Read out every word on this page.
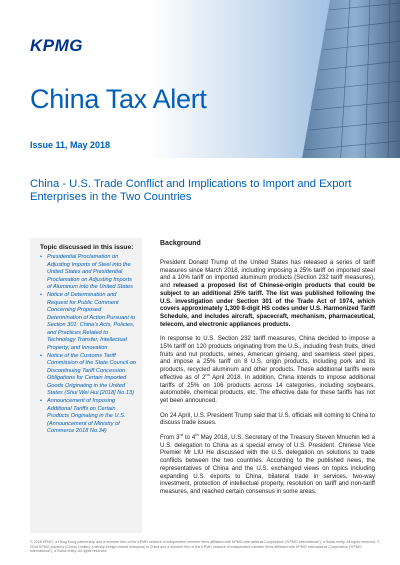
KPMG
China Tax Alert
Issue 11, May 2018
China - U.S. Trade Conflict and Implications to Import and Export Enterprises in the Two Countries
Topic discussed in this issue:
• Presidential Proclamation on Adjusting Imports of Steel into the United States and Presidential Proclamation on Adjusting Imports of Aluminum into the United States
• Notice of Determination and Request for Public Comment Concerning Proposed Determination of Action Pursuant to Section 301: China’s Acts, Policies, and Practices Related to Technology Transfer, Intellectual Property, and Innovation
• Notice of the Customs Tariff Commission of the State Council on Discontinuing Tariff Concession Obligations for Certain Imported Goods Originating in the United States (Shui Wei Hui [2018] No.13)
• Announcement of Imposing Additional Tariffs on Certain Products Originating in the U.S. (Announcement of Ministry of Commerce 2018 No.34)
Background

President Donald Trump of the United States has released a series of tariff measures since March 2018, including imposing a 25% tariff on imported steel and a 10% tariff on imported aluminum products (Section 232 tariff measures), and released a proposed list of Chinese-origin products that could be subject to an additional 25% tariff. The list was published following the U.S. investigation under Section 301 of the Trade Act of 1974, which covers approximately 1,300 8-digit HS codes under U.S. Harmonized Tariff Schedule, and includes aircraft, spacecraft, mechanism, pharmaceutical, telecom, and electronic appliances products.

In response to U.S. Section 232 tariff measures, China decided to impose a 15% tariff on 120 products originating from the U.S., including fresh fruits, dried fruits and nut products, wines, American ginseng, and seamless steel pipes, and impose a 25% tariff on 8 U.S. origin products, including pork and its products, recycled aluminum and other products. These additional tariffs were effective as of 2nd April 2018. In addition, China intends to impose additional tariffs of 25% on 106 products across 14 categories, including soybeans, automobile, chemical products, etc. The effective date for these tariffs has not yet been announced.

On 24 April, U.S. President Trump said that U.S. officials will coming to China to discuss trade issues.

From 3rd to 4th May 2018, U.S. Secretary of the Treasury Steven Mnuchin led a U.S. delegation to China as a special envoy of U.S. President. Chinese Vice Premier Mr LIU He discussed with the U.S. delegation on solutions to trade conflicts between the two countries. According to the published news, the representatives of China and the U.S. exchanged views on topics including expanding U.S. exports to China, bilateral trade in services, two-way investment, protection of intellectual property, resolution on tariff and non-tariff measures, and reached certain consensus in some areas.

© 2018 KPMG, a Hong Kong partnership and a member firm of the KPMG network of independent member firms affiliated with KPMG International Cooperative (“KPMG International”), a Swiss entity. All rights reserved. © 2018 KPMG Advisory (China) Limited, a wholly foreign owned enterprise in China and a member firm of the KPMG network of independent member firms affiliated with KPMG International Cooperative (“KPMG International”), a Swiss entity. All rights reserved.
